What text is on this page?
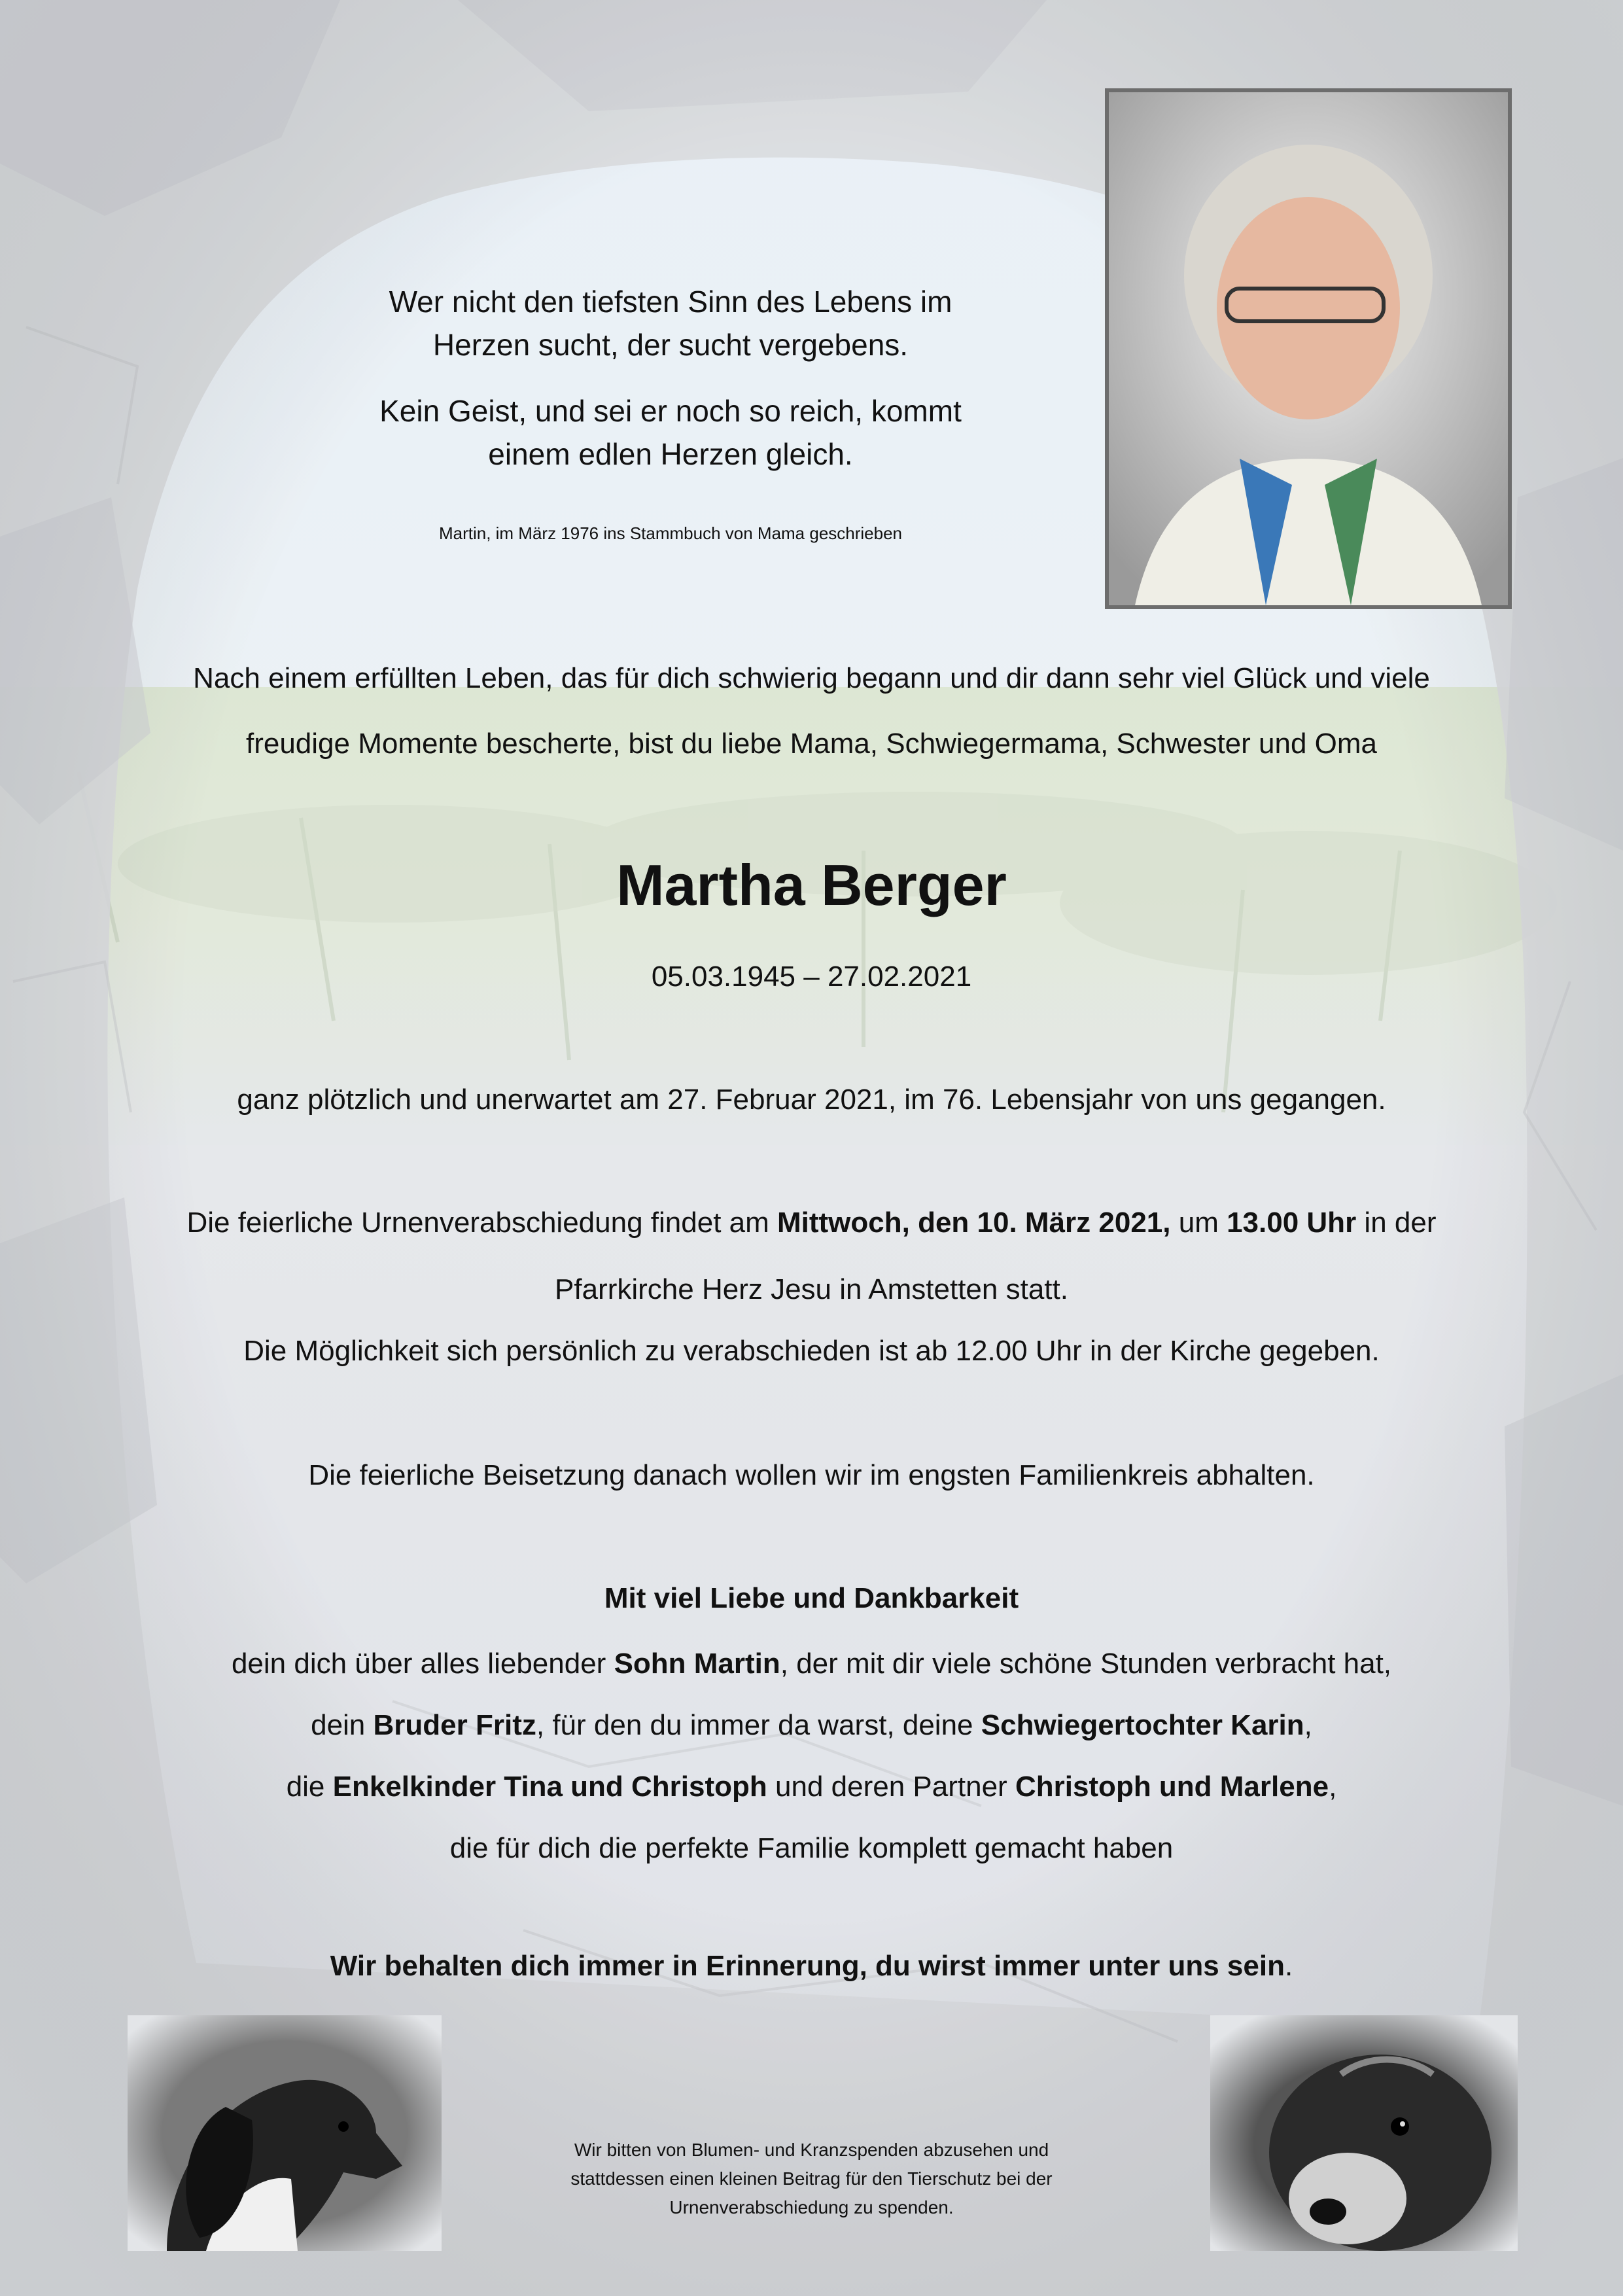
Wer nicht den tiefsten Sinn des Lebens im
Herzen sucht, der sucht vergebens.
Kein Geist, und sei er noch so reich, kommt
einem edlen Herzen gleich.
Martin, im März 1976 ins Stammbuch von Mama geschrieben
Nach einem erfüllten Leben, das für dich schwierig begann und dir dann sehr viel Glück und viele
freudige Momente bescherte, bist du liebe Mama, Schwiegermama, Schwester und Oma
Martha Berger
05.03.1945 – 27.02.2021
ganz plötzlich und unerwartet am 27. Februar 2021, im 76. Lebensjahr von uns gegangen.
Die feierliche Urnenverabschiedung findet am Mittwoch, den 10. März 2021, um 13.00 Uhr in der
Pfarrkirche Herz Jesu in Amstetten statt.
Die Möglichkeit sich persönlich zu verabschieden ist ab 12.00 Uhr in der Kirche gegeben.
Die feierliche Beisetzung danach wollen wir im engsten Familienkreis abhalten.
Mit viel Liebe und Dankbarkeit
dein dich über alles liebender Sohn Martin, der mit dir viele schöne Stunden verbracht hat,
dein Bruder Fritz, für den du immer da warst, deine Schwiegertochter Karin,
die Enkelkinder Tina und Christoph und deren Partner Christoph und Marlene,
die für dich die perfekte Familie komplett gemacht haben
Wir behalten dich immer in Erinnerung, du wirst immer unter uns sein.
Wir bitten von Blumen- und Kranzspenden abzusehen und
stattdessen einen kleinen Beitrag für den Tierschutz bei der
Urnenverabschiedung zu spenden.
